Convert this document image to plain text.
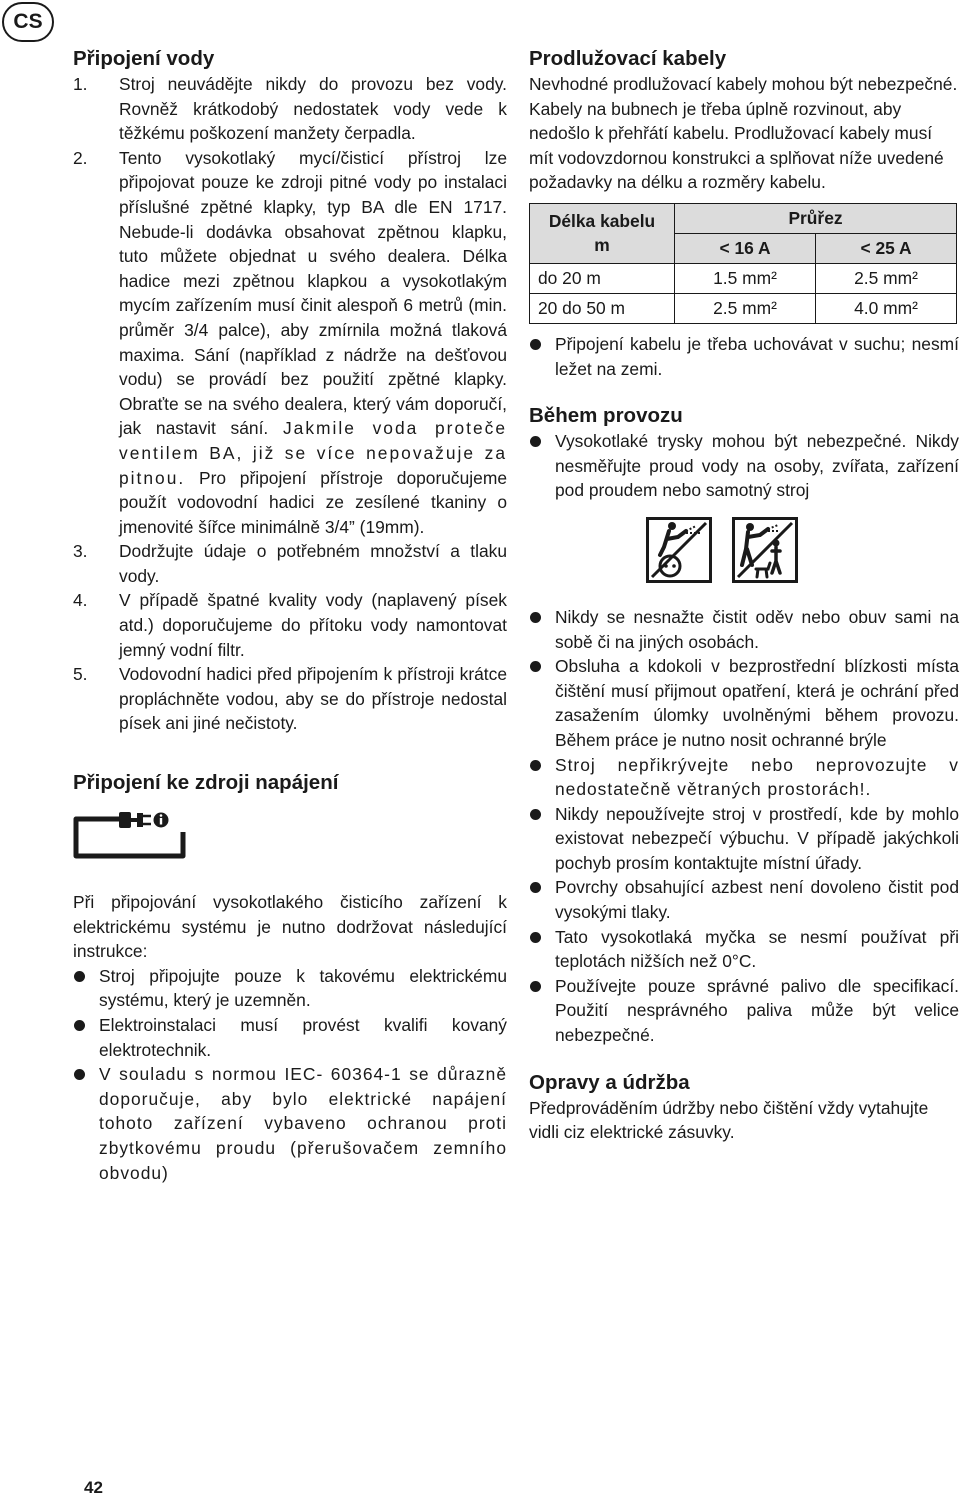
CS
Připojení vody
1. Stroj neuvádějte nikdy do provozu bez vody. Rovněž krátkodobý nedostatek vody vede k těžkému poškození manžety čerpadla.
2. Tento vysokotlaký mycí/čisticí přístroj lze připojovat pouze ke zdroji pitné vody po instalaci příslušné zpětné klapky, typ BA dle EN 1717. Nebude-li dodávka obsahovat zpětnou klapku, tuto můžete objednat u svého dealera. Délka hadice mezi zpětnou klapkou a vysokotlakým mycím zařízením musí činit alespoň 6 metrů (min. průměr 3/4 palce), aby zmírnila možná tlaková maxima. Sání (například z nádrže na dešťovou vodu) se provádí bez použití zpětné klapky. Obraťte se na svého dealera, který vám doporučí, jak nastavit sání. Jakmile voda proteče ventilem BA, již se více nepovažuje za pitnou. Pro připojení přístroje doporučujeme použít vodovodní hadici ze zesílené tkaniny o jmenovité šířce minimálně 3/4” (19mm).
3. Dodržujte údaje o potřebném množství a tlaku vody.
4. V případě špatné kvality vody (naplavený písek atd.) doporučujeme do přítoku vody namontovat jemný vodní filtr.
5. Vodovodní hadici před připojením k přístroji krátce propláchněte vodou, aby se do přístroje nedostal písek ani jiné nečistoty.
Připojení ke zdroji napájení

Při připojování vysokotlakého čisticího zařízení k elektrickému systému je nutno dodržovat následující instrukce:

Stroj připojujte pouze k takovému elektrickému systému, který je uzemněn.
Elektroinstalaci musí provést kvalifi kovaný elektrotechnik.
V souladu s normou IEC- 60364-1 se důrazně doporučuje, aby bylo elektrické napájení tohoto zařízení vybaveno ochranou proti zbytkovému proudu (přerušovačem zemního obvodu)
Prodlužovací kabely

Nevhodné prodlužovací kabely mohou být nebezpečné. Kabely na bubnech je třeba úplně rozvinout, aby nedošlo k přehřátí kabelu. Prodlužovací kabely musí mít vodovzdornou konstrukci a splňovat níže uvedené požadavky na délku a rozměry kabelu.

Délka kabelu
m	Průřez	
	< 16 A	< 25 A
do 20 m	1.5 mm²	2.5 mm²
20 do 50 m	2.5 mm²	4.0 mm²
Připojení kabelu je třeba uchovávat v suchu; nesmí ležet na zemi.
Během provozu
Vysokotlaké trysky mohou být nebezpečné. Nikdy nesměřujte proud vody na osoby, zvířata, zařízení pod proudem nebo samotný stroj
Nikdy se nesnažte čistit oděv nebo obuv sami na sobě či na jiných osobách.
Obsluha a kdokoli v bezprostřední blízkosti místa čištění musí přijmout opatření, která je ochrání před zasažením úlomky uvolněnými během provozu. Během práce je nutno nosit ochranné brýle
Stroj nepřikrývejte nebo neprovozujte v nedostatečně větraných prostorách!.
Nikdy nepoužívejte stroj v prostředí, kde by mohlo existovat nebezpečí výbuchu. V případě jakýchkoli pochyb prosím kontaktujte místní úřady.
Povrchy obsahující azbest není dovoleno čistit pod vysokými tlaky.
Tato vysokotlaká myčka se nesmí používat při teplotách nižších než 0°C.
Používejte pouze správné palivo dle specifikací. Použití nesprávného paliva může být velice nebezpečné.
Opravy a údržba

Předprováděním údržby nebo čištění vždy vytahujte vidli ciz elektrické zásuvky.

42
